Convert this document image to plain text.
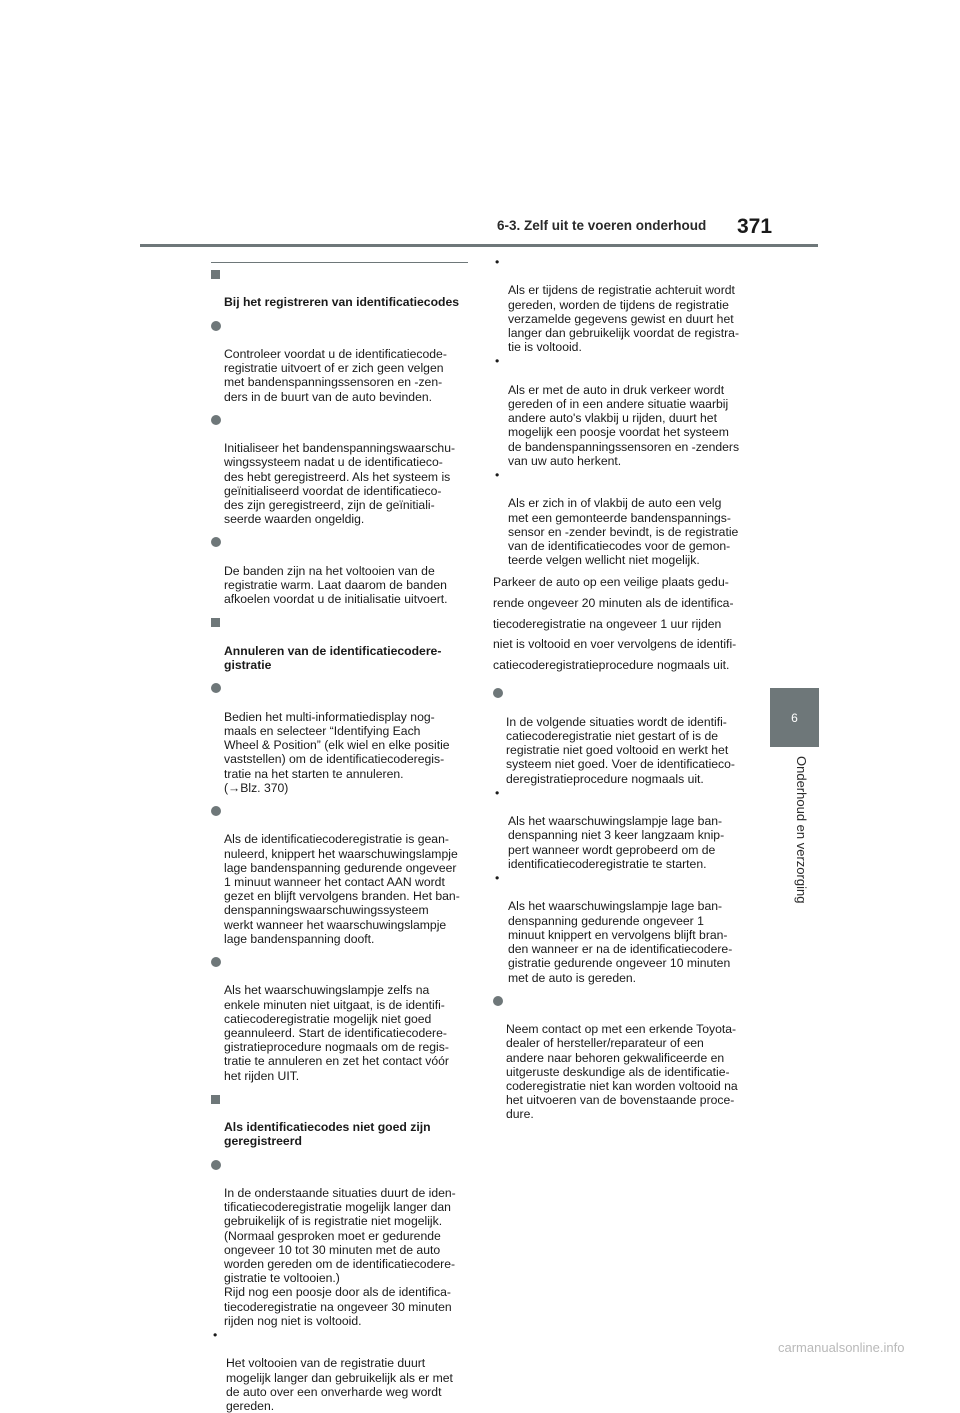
6-3. Zelf uit te voeren onderhoud 371
6
Onderhoud en verzorging

Bij het registreren van identificatiecodes

Controleer voordat u de identificatiecode-
registratie uitvoert of er zich geen velgen
met bandenspanningssensoren en -zen-
ders in de buurt van de auto bevinden.

Initialiseer het bandenspanningswaarschu-
wingssysteem nadat u de identificatieco-
des hebt geregistreerd. Als het systeem is
geïnitialiseerd voordat de identificatieco-
des zijn geregistreerd, zijn de geïnitiali-
seerde waarden ongeldig.

De banden zijn na het voltooien van de
registratie warm. Laat daarom de banden
afkoelen voordat u de initialisatie uitvoert.

Annuleren van de identificatiecodere-
gistratie

Bedien het multi-informatiedisplay nog-
maals en selecteer “Identifying Each
Wheel & Position” (elk wiel en elke positie
vaststellen) om de identificatiecoderegis-
tratie na het starten te annuleren.
(→Blz. 370)

Als de identificatiecoderegistratie is gean-
nuleerd, knippert het waarschuwingslampje
lage bandenspanning gedurende ongeveer
1 minuut wanneer het contact AAN wordt
gezet en blijft vervolgens branden. Het ban-
denspanningswaarschuwingssysteem
werkt wanneer het waarschuwingslampje
lage bandenspanning dooft.

Als het waarschuwingslampje zelfs na
enkele minuten niet uitgaat, is de identifi-
catiecoderegistratie mogelijk niet goed
geannuleerd. Start de identificatiecodere-
gistratieprocedure nogmaals om de regis-
tratie te annuleren en zet het contact vóór
het rijden UIT.

Als identificatiecodes niet goed zijn
geregistreerd

In de onderstaande situaties duurt de iden-
tificatiecoderegistratie mogelijk langer dan
gebruikelijk of is registratie niet mogelijk.
(Normaal gesproken moet er gedurende
ongeveer 10 tot 30 minuten met de auto
worden gereden om de identificatiecodere-
gistratie te voltooien.)
Rijd nog een poosje door als de identifica-
tiecoderegistratie na ongeveer 30 minuten
rijden nog niet is voltooid.

•

Het voltooien van de registratie duurt
mogelijk langer dan gebruikelijk als er met
de auto over een onverharde weg wordt
gereden.

•

Als er tijdens de registratie achteruit wordt
gereden, worden de tijdens de registratie
verzamelde gegevens gewist en duurt het
langer dan gebruikelijk voordat de registra-
tie is voltooid.

•

Als er met de auto in druk verkeer wordt
gereden of in een andere situatie waarbij
andere auto's vlakbij u rijden, duurt het
mogelijk een poosje voordat het systeem
de bandenspanningssensoren en -zenders
van uw auto herkent.

•

Als er zich in of vlakbij de auto een velg
met een gemonteerde bandenspannings-
sensor en -zender bevindt, is de registratie
van de identificatiecodes voor de gemon-
teerde velgen wellicht niet mogelijk.

Parkeer de auto op een veilige plaats gedu-
rende ongeveer 20 minuten als de identifica-
tiecoderegistratie na ongeveer 1 uur rijden
niet is voltooid en voer vervolgens de identifi-
catiecoderegistratieprocedure nogmaals uit.

In de volgende situaties wordt de identifi-
catiecoderegistratie niet gestart of is de
registratie niet goed voltooid en werkt het
systeem niet goed. Voer de identificatieco-
deregistratieprocedure nogmaals uit.

•

Als het waarschuwingslampje lage ban-
denspanning niet 3 keer langzaam knip-
pert wanneer wordt geprobeerd om de
identificatiecoderegistratie te starten.

•

Als het waarschuwingslampje lage ban-
denspanning gedurende ongeveer 1
minuut knippert en vervolgens blijft bran-
den wanneer er na de identificatiecodere-
gistratie gedurende ongeveer 10 minuten
met de auto is gereden.

Neem contact op met een erkende Toyota-
dealer of hersteller/reparateur of een
andere naar behoren gekwalificeerde en
uitgeruste deskundige als de identificatie-
coderegistratie niet kan worden voltooid na
het uitvoeren van de bovenstaande proce-
dure.

carmanualsonline.info
